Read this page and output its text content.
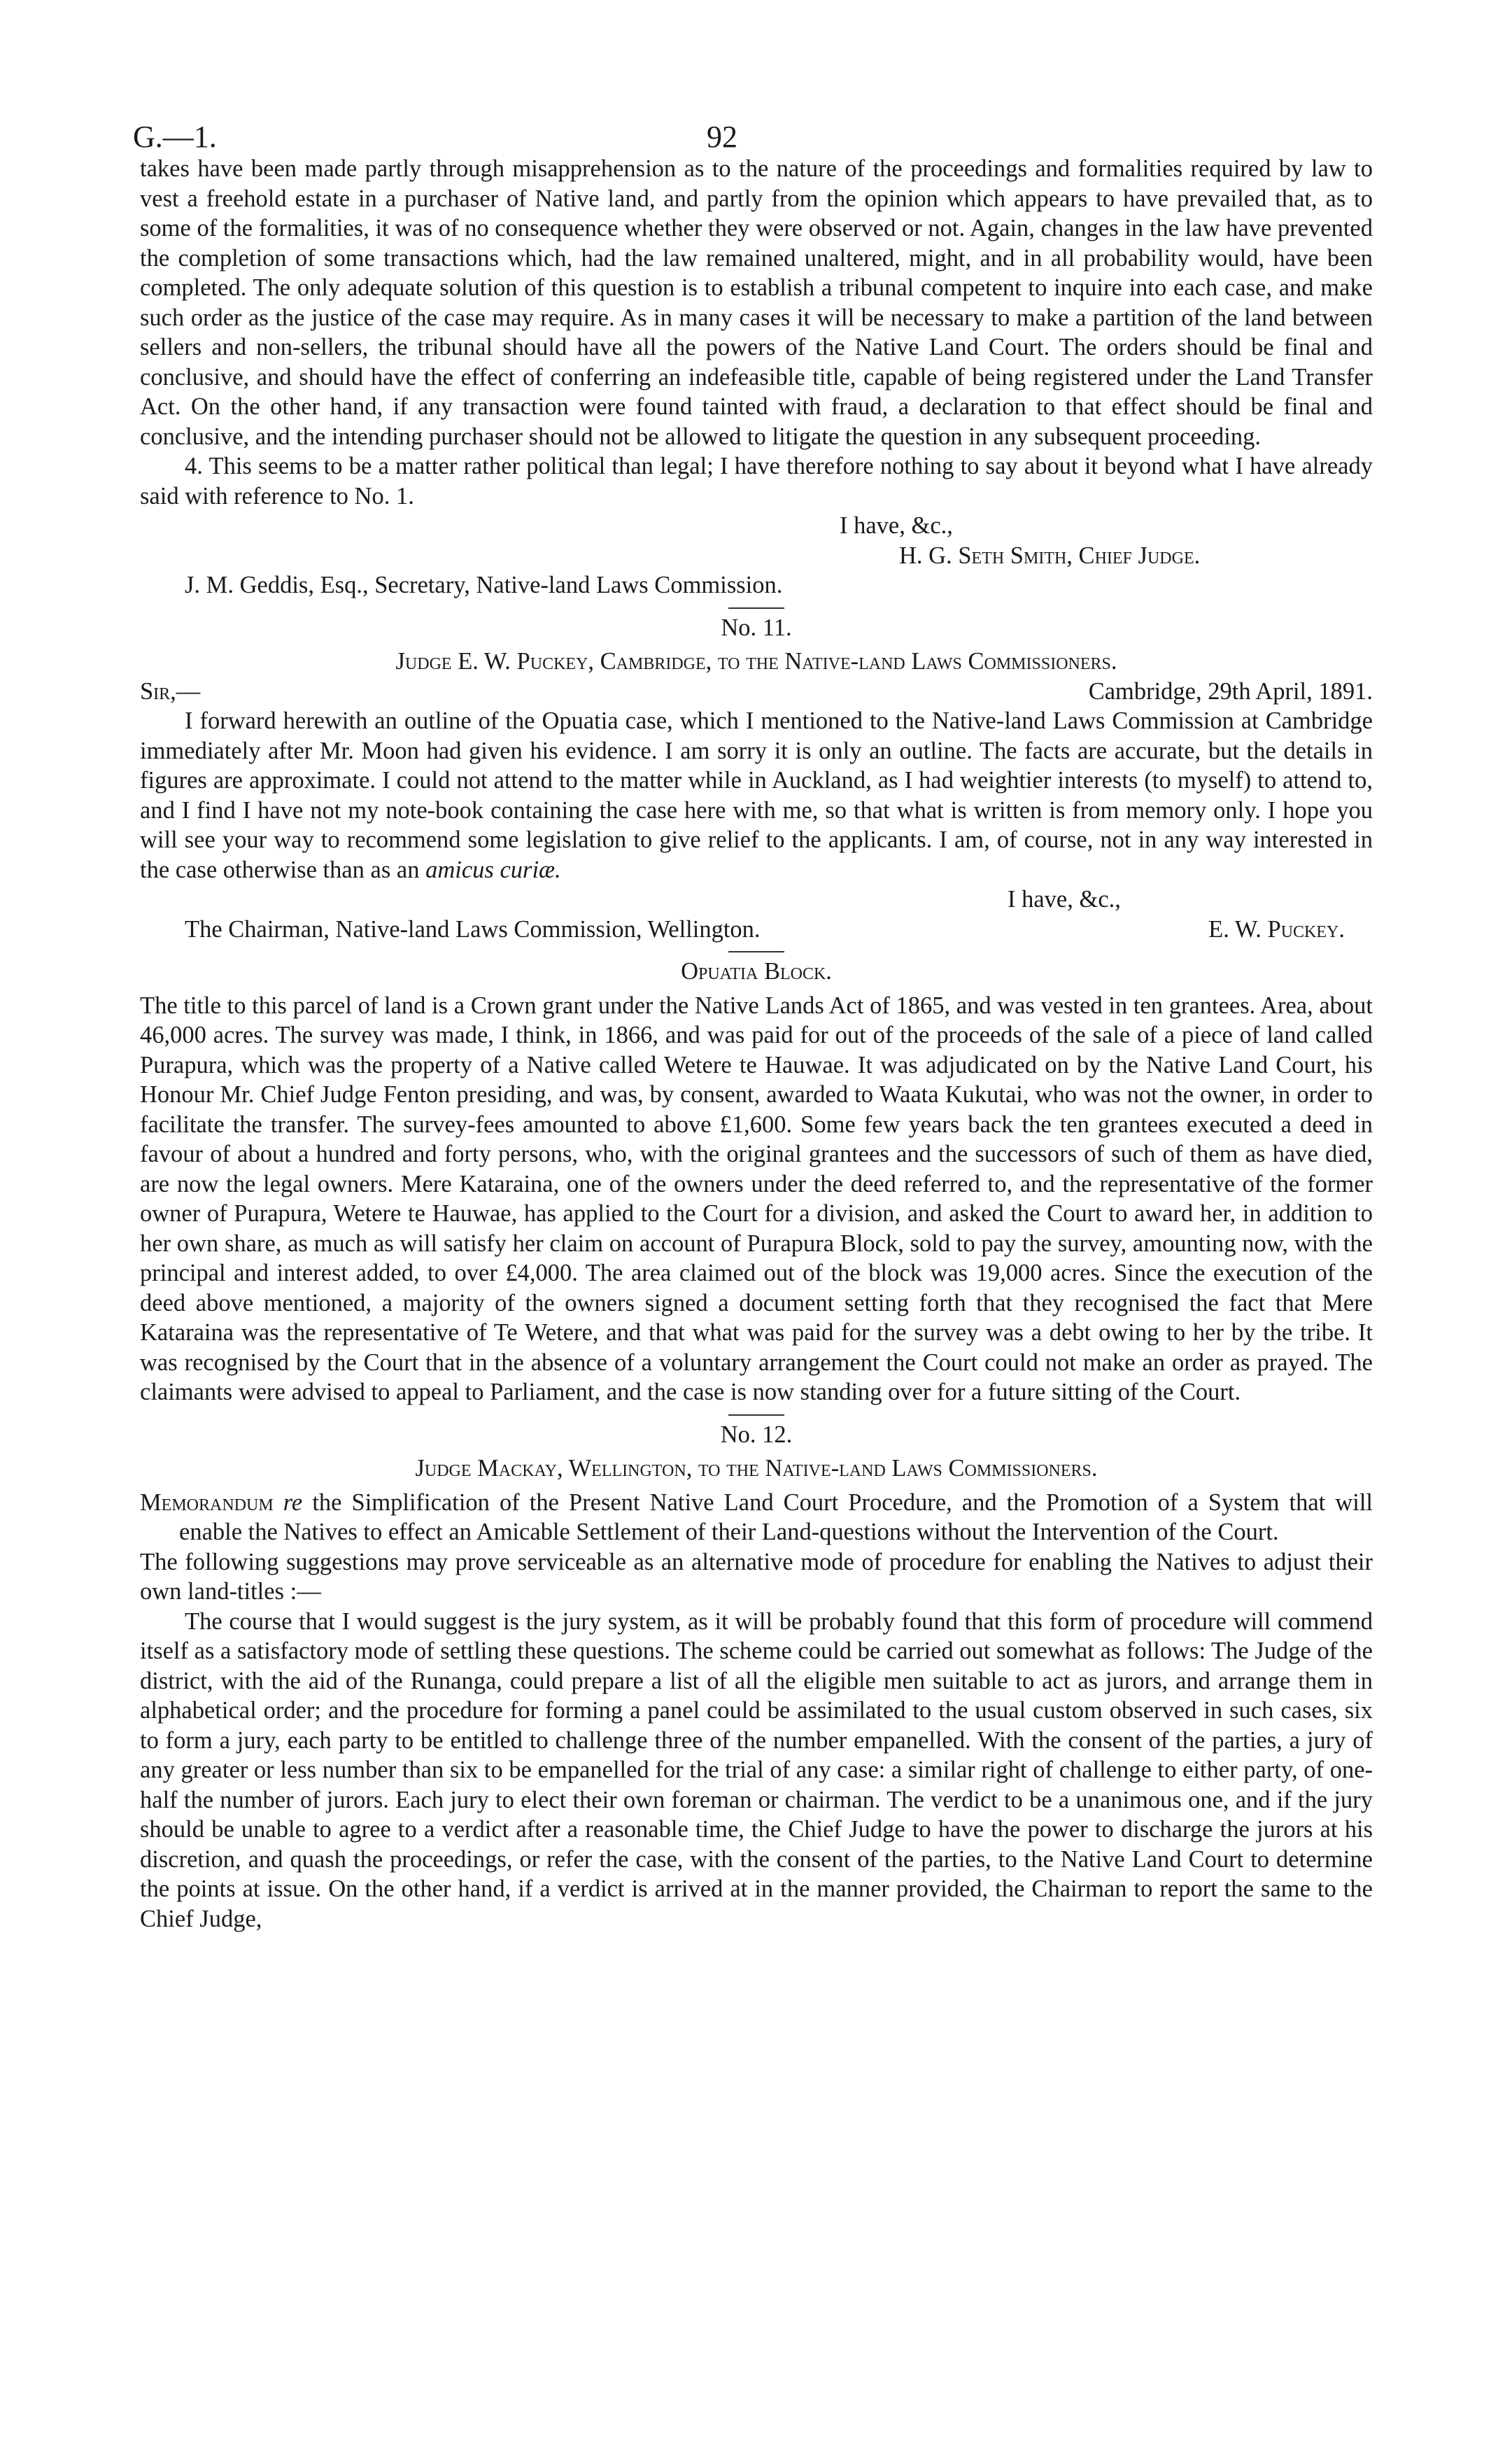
G.—1.	92

takes have been made partly through misapprehension as to the nature of the proceedings and formalities required by law to vest a freehold estate in a purchaser of Native land, and partly from the opinion which appears to have prevailed that, as to some of the formalities, it was of no consequence whether they were observed or not. Again, changes in the law have prevented the completion of some transactions which, had the law remained unaltered, might, and in all probability would, have been completed. The only adequate solution of this question is to establish a tribunal competent to inquire into each case, and make such order as the justice of the case may require. As in many cases it will be necessary to make a partition of the land between sellers and non-sellers, the tribunal should have all the powers of the Native Land Court. The orders should be final and conclusive, and should have the effect of conferring an indefeasible title, capable of being registered under the Land Transfer Act. On the other hand, if any transaction were found tainted with fraud, a declaration to that effect should be final and conclusive, and the intending purchaser should not be allowed to litigate the question in any subsequent proceeding.

4. This seems to be a matter rather political than legal; I have therefore nothing to say about it beyond what I have already said with reference to No. 1.

I have, &c.,
H. G. Seth Smith, Chief Judge.
J. M. Geddis, Esq., Secretary, Native-land Laws Commission.

No. 11.

Judge E. W. Puckey, Cambridge, to the Native-land Laws Commissioners.

Sir,—	Cambridge, 29th April, 1891.

I forward herewith an outline of the Opuatia case, which I mentioned to the Native-land Laws Commission at Cambridge immediately after Mr. Moon had given his evidence. I am sorry it is only an outline. The facts are accurate, but the details in figures are approximate. I could not attend to the matter while in Auckland, as I had weightier interests (to myself) to attend to, and I find I have not my note-book containing the case here with me, so that what is written is from memory only. I hope you will see your way to recommend some legislation to give relief to the applicants. I am, of course, not in any way interested in the case otherwise than as an amicus curiæ.

I have, &c.,
The Chairman, Native-land Laws Commission, Wellington.	E. W. Puckey.

Opuatia Block.

The title to this parcel of land is a Crown grant under the Native Lands Act of 1865, and was vested in ten grantees. Area, about 46,000 acres. The survey was made, I think, in 1866, and was paid for out of the proceeds of the sale of a piece of land called Purapura, which was the property of a Native called Wetere te Hauwae. It was adjudicated on by the Native Land Court, his Honour Mr. Chief Judge Fenton presiding, and was, by consent, awarded to Waata Kukutai, who was not the owner, in order to facilitate the transfer. The survey-fees amounted to above £1,600. Some few years back the ten grantees executed a deed in favour of about a hundred and forty persons, who, with the original grantees and the successors of such of them as have died, are now the legal owners. Mere Kataraina, one of the owners under the deed referred to, and the representative of the former owner of Purapura, Wetere te Hauwae, has applied to the Court for a division, and asked the Court to award her, in addition to her own share, as much as will satisfy her claim on account of Purapura Block, sold to pay the survey, amounting now, with the principal and interest added, to over £4,000. The area claimed out of the block was 19,000 acres. Since the execution of the deed above mentioned, a majority of the owners signed a document setting forth that they recognised the fact that Mere Kataraina was the representative of Te Wetere, and that what was paid for the survey was a debt owing to her by the tribe. It was recognised by the Court that in the absence of a voluntary arrangement the Court could not make an order as prayed. The claimants were advised to appeal to Parliament, and the case is now standing over for a future sitting of the Court.

No. 12.

Judge Mackay, Wellington, to the Native-land Laws Commissioners.

Memorandum re the Simplification of the Present Native Land Court Procedure, and the Promotion of a System that will enable the Natives to effect an Amicable Settlement of their Land-questions without the Intervention of the Court.

The following suggestions may prove serviceable as an alternative mode of procedure for enabling the Natives to adjust their own land-titles :—

The course that I would suggest is the jury system, as it will be probably found that this form of procedure will commend itself as a satisfactory mode of settling these questions. The scheme could be carried out somewhat as follows: The Judge of the district, with the aid of the Runanga, could prepare a list of all the eligible men suitable to act as jurors, and arrange them in alphabetical order; and the procedure for forming a panel could be assimilated to the usual custom observed in such cases, six to form a jury, each party to be entitled to challenge three of the number empanelled. With the consent of the parties, a jury of any greater or less number than six to be empanelled for the trial of any case: a similar right of challenge to either party, of one-half the number of jurors. Each jury to elect their own foreman or chairman. The verdict to be a unanimous one, and if the jury should be unable to agree to a verdict after a reasonable time, the Chief Judge to have the power to discharge the jurors at his discretion, and quash the proceedings, or refer the case, with the consent of the parties, to the Native Land Court to determine the points at issue. On the other hand, if a verdict is arrived at in the manner provided, the Chairman to report the same to the Chief Judge,
